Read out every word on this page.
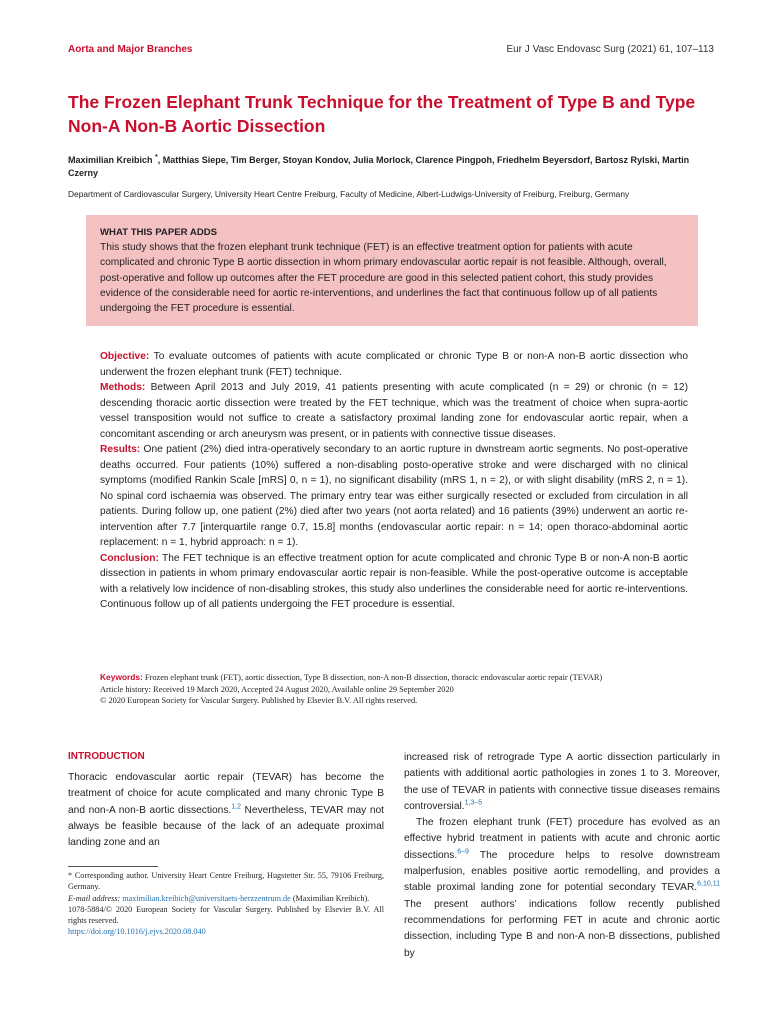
Aorta and Major Branches	Eur J Vasc Endovasc Surg (2021) 61, 107–113
The Frozen Elephant Trunk Technique for the Treatment of Type B and Type Non-A Non-B Aortic Dissection
Maximilian Kreibich *, Matthias Siepe, Tim Berger, Stoyan Kondov, Julia Morlock, Clarence Pingpoh, Friedhelm Beyersdorf, Bartosz Rylski, Martin Czerny
Department of Cardiovascular Surgery, University Heart Centre Freiburg, Faculty of Medicine, Albert-Ludwigs-University of Freiburg, Freiburg, Germany
WHAT THIS PAPER ADDS

This study shows that the frozen elephant trunk technique (FET) is an effective treatment option for patients with acute complicated and chronic Type B aortic dissection in whom primary endovascular aortic repair is not feasible. Although, overall, post-operative and follow up outcomes after the FET procedure are good in this selected patient cohort, this study provides evidence of the considerable need for aortic re-interventions, and underlines the fact that continuous follow up of all patients undergoing the FET procedure is essential.

Objective: To evaluate outcomes of patients with acute complicated or chronic Type B or non-A non-B aortic dissection who underwent the frozen elephant trunk (FET) technique.

Methods: Between April 2013 and July 2019, 41 patients presenting with acute complicated (n = 29) or chronic (n = 12) descending thoracic aortic dissection were treated by the FET technique, which was the treatment of choice when supra-aortic vessel transposition would not suffice to create a satisfactory proximal landing zone for endovascular aortic repair, when a concomitant ascending or arch aneurysm was present, or in patients with connective tissue diseases.

Results: One patient (2%) died intra-operatively secondary to an aortic rupture in dwnstream aortic segments. No post-operative deaths occurred. Four patients (10%) suffered a non-disabling posto-operative stroke and were discharged with no clinical symptoms (modified Rankin Scale [mRS] 0, n = 1), no significant disability (mRS 1, n = 2), or with slight disability (mRS 2, n = 1). No spinal cord ischaemia was observed. The primary entry tear was either surgically resected or excluded from circulation in all patients. During follow up, one patient (2%) died after two years (not aorta related) and 16 patients (39%) underwent an aortic re-intervention after 7.7 [interquartile range 0.7, 15.8] months (endovascular aortic repair: n = 14; open thoraco-abdominal aortic replacement: n = 1, hybrid approach: n = 1).

Conclusion: The FET technique is an effective treatment option for acute complicated and chronic Type B or non-A non-B aortic dissection in patients in whom primary endovascular aortic repair is non-feasible. While the post-operative outcome is acceptable with a relatively low incidence of non-disabling strokes, this study also underlines the considerable need for aortic re-interventions. Continuous follow up of all patients undergoing the FET procedure is essential.

Keywords: Frozen elephant trunk (FET), aortic dissection, Type B dissection, non-A non-B dissection, thoracic endovascular aortic repair (TEVAR)

Article history: Received 19 March 2020, Accepted 24 August 2020, Available online 29 September 2020

© 2020 European Society for Vascular Surgery. Published by Elsevier B.V. All rights reserved.

INTRODUCTION

Thoracic endovascular aortic repair (TEVAR) has become the treatment of choice for acute complicated and many chronic Type B and non-A non-B aortic dissections.$^{1,2}$ Nevertheless, TEVAR may not always be feasible because of the lack of an adequate proximal landing zone and an

increased risk of retrograde Type A aortic dissection particularly in patients with additional aortic pathologies in zones 1 to 3. Moreover, the use of TEVAR in patients with connective tissue diseases remains controversial.$^{1,3-5}$

The frozen elephant trunk (FET) procedure has evolved as an effective hybrid treatment in patients with acute and chronic aortic dissections.$^{6-9}$ The procedure helps to resolve downstream malperfusion, enables positive aortic remodelling, and provides a stable proximal landing zone for potential secondary TEVAR.$^{6,10,11}$ The present authors’ indications follow recently published recommendations for performing FET in acute and chronic aortic dissection, including Type B and non-A non-B dissections, published by

* Corresponding author. University Heart Centre Freiburg, Hugstetter Str. 55, 79106 Freiburg, Germany.

E-mail address: maximilian.kreibich@universitaets-herzzentrum.de (Maximilian Kreibich).

1078-5884/© 2020 European Society for Vascular Surgery. Published by Elsevier B.V. All rights reserved.

https://doi.org/10.1016/j.ejvs.2020.08.040
